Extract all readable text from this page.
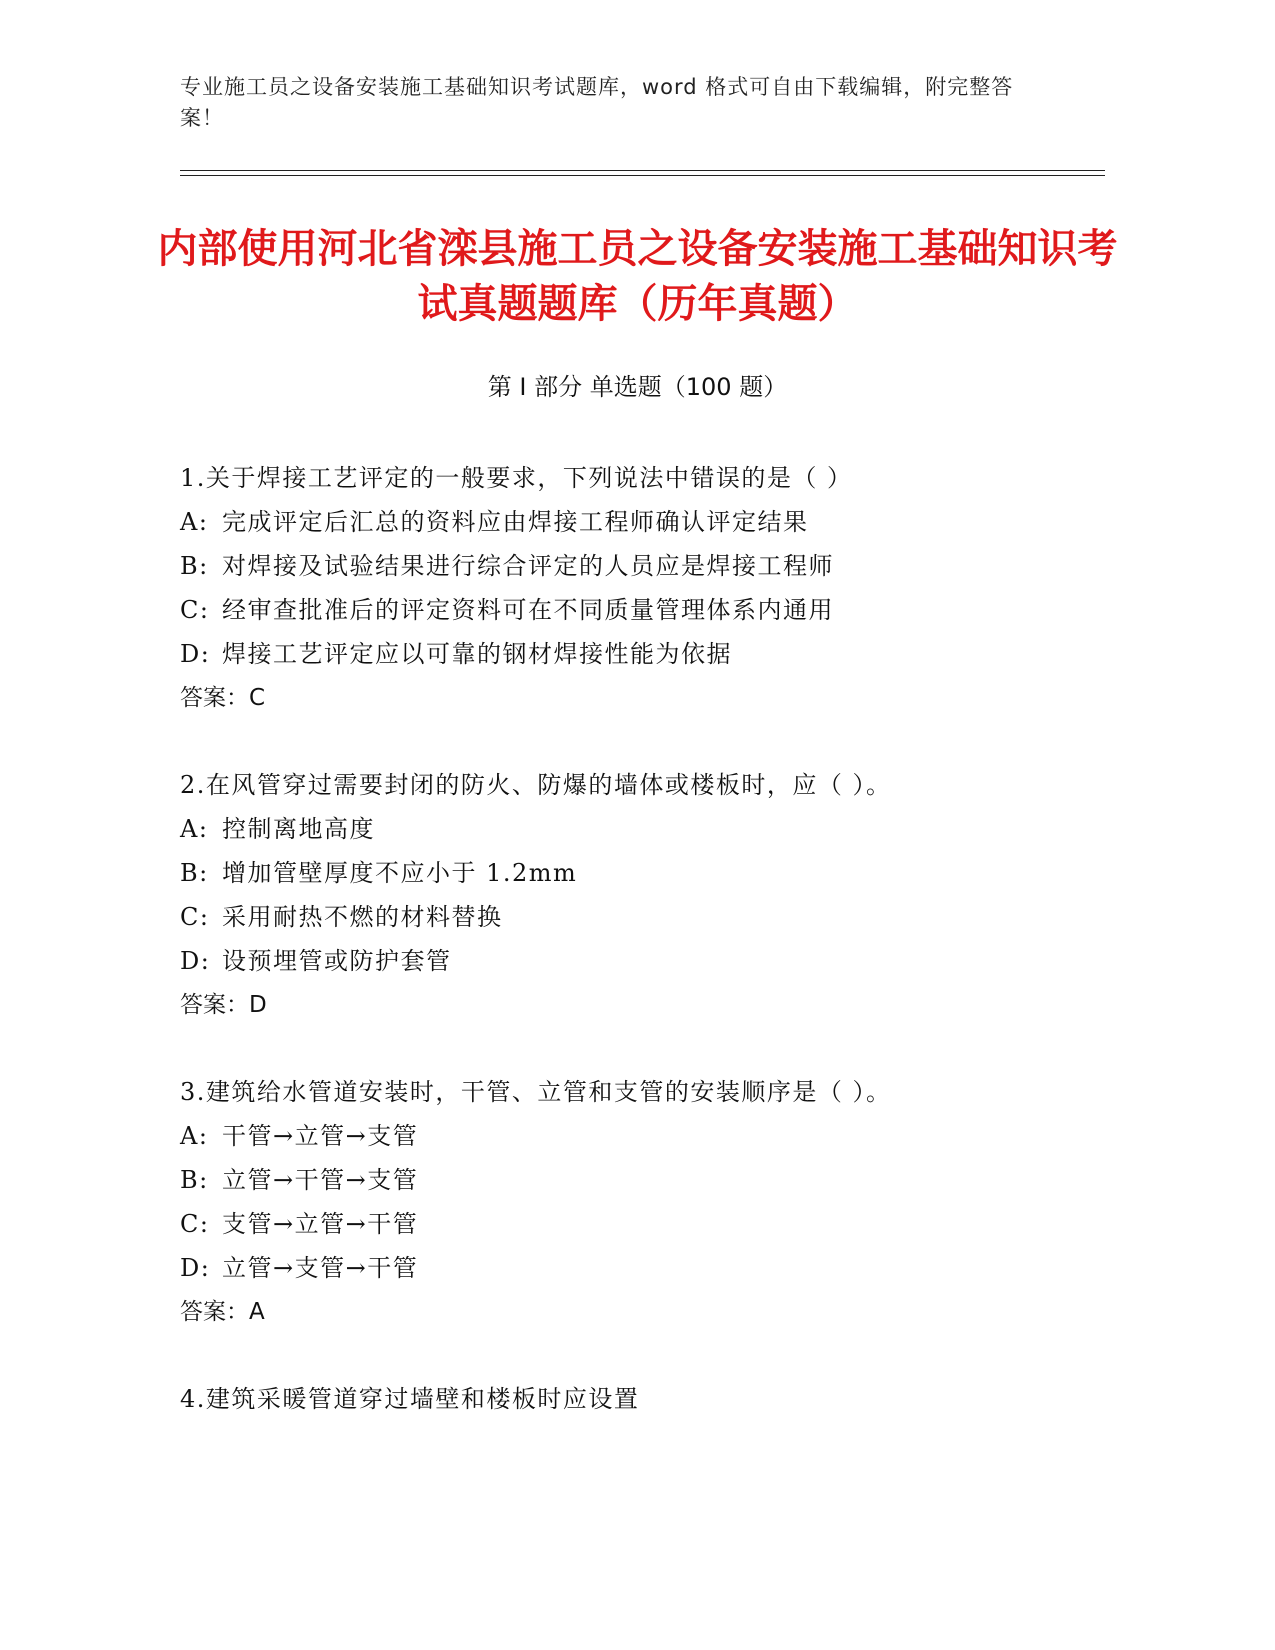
专业施工员之设备安装施工基础知识考试题库，word 格式可自由下载编辑，附完整答案！
内部使用河北省滦县施工员之设备安装施工基础知识考试真题题库（历年真题）
第 I 部分 单选题（100 题）
1.关于焊接工艺评定的一般要求，下列说法中错误的是（ ）
A: 完成评定后汇总的资料应由焊接工程师确认评定结果
B: 对焊接及试验结果进行综合评定的人员应是焊接工程师
C: 经审查批准后的评定资料可在不同质量管理体系内通用
D: 焊接工艺评定应以可靠的钢材焊接性能为依据
答案：C
2.在风管穿过需要封闭的防火、防爆的墙体或楼板时，应（ ）。
A: 控制离地高度
B: 增加管壁厚度不应小于 1.2mm
C: 采用耐热不燃的材料替换
D: 设预埋管或防护套管
答案：D
3.建筑给水管道安装时，干管、立管和支管的安装顺序是（ ）。
A: 干管→立管→支管
B: 立管→干管→支管
C: 支管→立管→干管
D: 立管→支管→干管
答案：A
4.建筑采暖管道穿过墙壁和楼板时应设置
